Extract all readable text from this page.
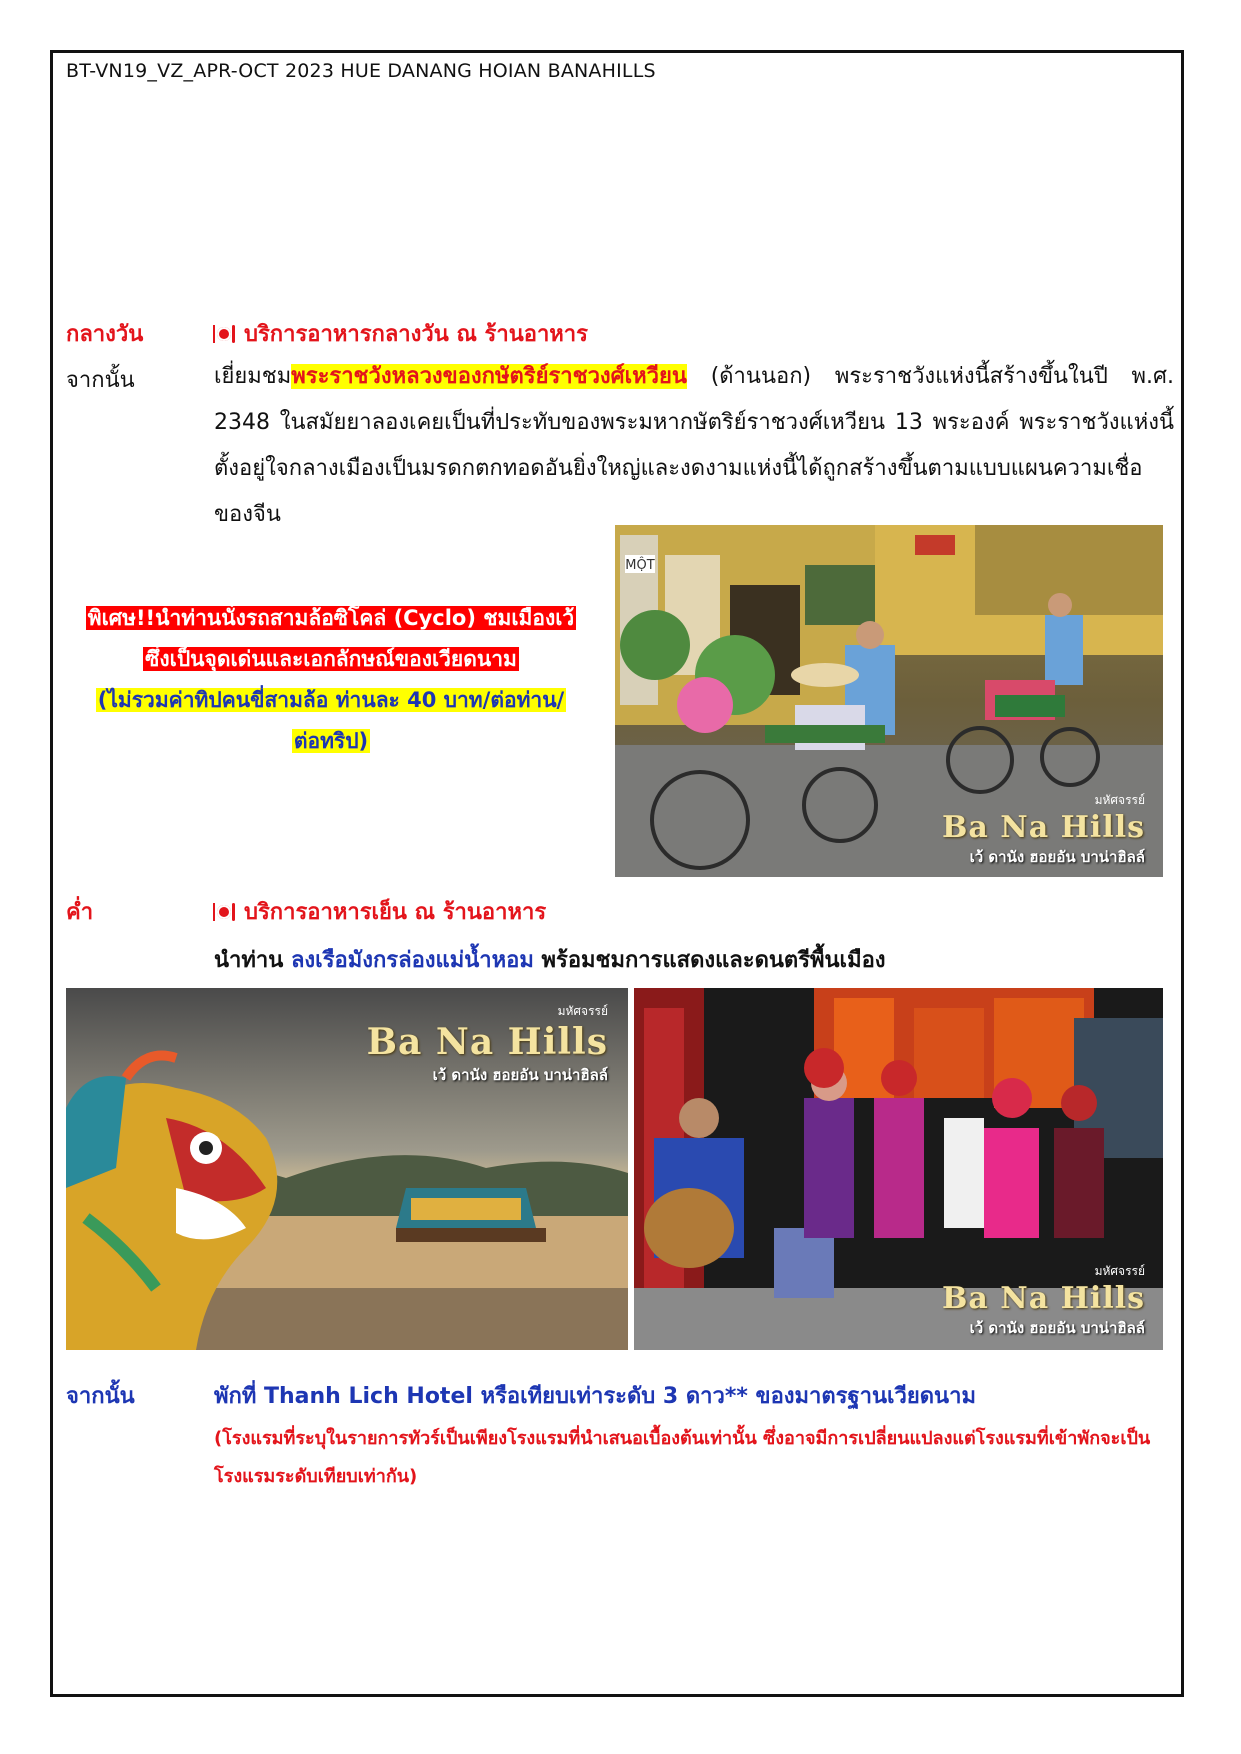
BT-VN19_VZ_APR-OCT 2023 HUE DANANG HOIAN BANAHILLS
กลางวัน	บริการอาหารกลางวัน ณ ร้านอาหาร
จากนั้น	เยี่ยมชมพระราชวังหลวงของกษัตริย์ราชวงศ์เหวียน (ด้านนอก) พระราชวังแห่งนี้สร้างขึ้นในปี พ.ศ. 2348 ในสมัยยาลองเคยเป็นที่ประทับของพระมหากษัตริย์ราชวงศ์เหวียน 13 พระองค์ พระราชวังแห่งนี้ตั้งอยู่ใจกลางเมืองเป็นมรดกตกทอดอันยิ่งใหญ่และงดงามแห่งนี้ได้ถูกสร้างขึ้นตามแบบแผนความเชื่อของจีน
พิเศษ!!นำท่านนั่งรถสามล้อซิโคล่ (Cyclo) ชมเมืองเว้
ซึ่งเป็นจุดเด่นและเอกลักษณ์ของเวียดนาม
(ไม่รวมค่าทิปคนขี่สามล้อ ท่านละ 40 บาท/ต่อท่าน/
ต่อทริป)
MỘT
มหัศจรรย์
Ba Na Hills
เว้ ดานัง ฮอยอัน บาน่าฮิลล์
ค่ำ	บริการอาหารเย็น ณ ร้านอาหาร
นำท่าน ลงเรือมังกรล่องแม่น้ำหอม พร้อมชมการแสดงและดนตรีพื้นเมือง
มหัศจรรย์
Ba Na Hills
เว้ ดานัง ฮอยอัน บาน่าฮิลล์
มหัศจรรย์
Ba Na Hills
เว้ ดานัง ฮอยอัน บาน่าฮิลล์
จากนั้น	พักที่ Thanh Lich Hotel หรือเทียบเท่าระดับ 3 ดาว** ของมาตรฐานเวียดนาม
(โรงแรมที่ระบุในรายการทัวร์เป็นเพียงโรงแรมที่นำเสนอเบื้องต้นเท่านั้น ซึ่งอาจมีการเปลี่ยนแปลงแต่โรงแรมที่เข้าพักจะเป็นโรงแรมระดับเทียบเท่ากัน)
